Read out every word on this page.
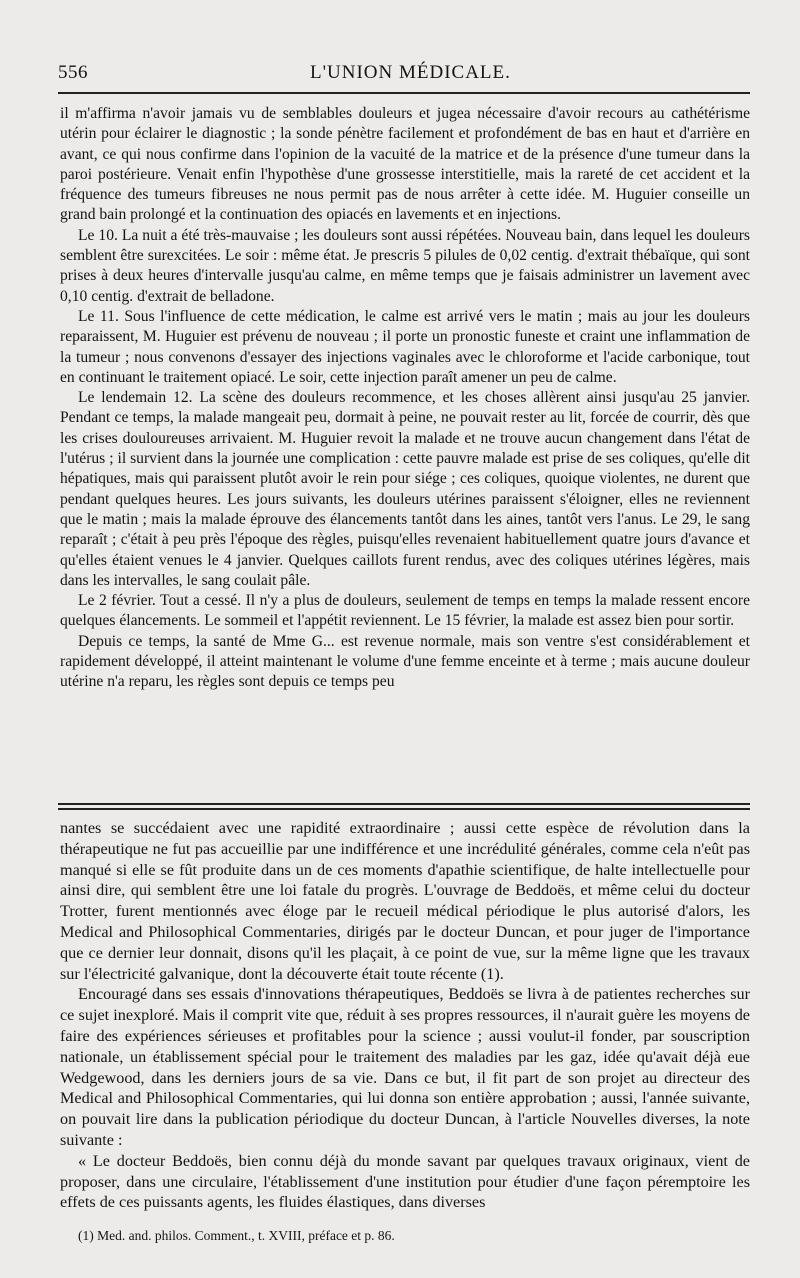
556	L'UNION MÉDICALE.

il m'affirma n'avoir jamais vu de semblables douleurs et jugea nécessaire d'avoir recours au cathétérisme utérin pour éclairer le diagnostic ; la sonde pénètre facilement et profondément de bas en haut et d'arrière en avant, ce qui nous confirme dans l'opinion de la vacuité de la matrice et de la présence d'une tumeur dans la paroi postérieure. Venait enfin l'hypothèse d'une grossesse interstitielle, mais la rareté de cet accident et la fréquence des tumeurs fibreuses ne nous permit pas de nous arrêter à cette idée. M. Huguier conseille un grand bain prolongé et la continuation des opiacés en lavements et en injections.

Le 10. La nuit a été très-mauvaise ; les douleurs sont aussi répétées. Nouveau bain, dans lequel les douleurs semblent être surexcitées. Le soir : même état. Je prescris 5 pilules de 0,02 centig. d'extrait thébaïque, qui sont prises à deux heures d'intervalle jusqu'au calme, en même temps que je faisais administrer un lavement avec 0,10 centig. d'extrait de belladone.

Le 11. Sous l'influence de cette médication, le calme est arrivé vers le matin ; mais au jour les douleurs reparaissent, M. Huguier est prévenu de nouveau ; il porte un pronostic funeste et craint une inflammation de la tumeur ; nous convenons d'essayer des injections vaginales avec le chloroforme et l'acide carbonique, tout en continuant le traitement opiacé. Le soir, cette injection paraît amener un peu de calme.

Le lendemain 12. La scène des douleurs recommence, et les choses allèrent ainsi jusqu'au 25 janvier. Pendant ce temps, la malade mangeait peu, dormait à peine, ne pouvait rester au lit, forcée de courrir, dès que les crises douloureuses arrivaient. M. Huguier revoit la malade et ne trouve aucun changement dans l'état de l'utérus ; il survient dans la journée une complication : cette pauvre malade est prise de ses coliques, qu'elle dit hépatiques, mais qui paraissent plutôt avoir le rein pour siége ; ces coliques, quoique violentes, ne durent que pendant quelques heures. Les jours suivants, les douleurs utérines paraissent s'éloigner, elles ne reviennent que le matin ; mais la malade éprouve des élancements tantôt dans les aines, tantôt vers l'anus. Le 29, le sang reparaît ; c'était à peu près l'époque des règles, puisqu'elles revenaient habituellement quatre jours d'avance et qu'elles étaient venues le 4 janvier. Quelques caillots furent rendus, avec des coliques utérines légères, mais dans les intervalles, le sang coulait pâle.

Le 2 février. Tout a cessé. Il n'y a plus de douleurs, seulement de temps en temps la malade ressent encore quelques élancements. Le sommeil et l'appétit reviennent. Le 15 février, la malade est assez bien pour sortir.

Depuis ce temps, la santé de Mme G... est revenue normale, mais son ventre s'est considérablement et rapidement développé, il atteint maintenant le volume d'une femme enceinte et à terme ; mais aucune douleur utérine n'a reparu, les règles sont depuis ce temps peu

nantes se succédaient avec une rapidité extraordinaire ; aussi cette espèce de révolution dans la thérapeutique ne fut pas accueillie par une indifférence et une incrédulité générales, comme cela n'eût pas manqué si elle se fût produite dans un de ces moments d'apathie scientifique, de halte intellectuelle pour ainsi dire, qui semblent être une loi fatale du progrès. L'ouvrage de Beddoës, et même celui du docteur Trotter, furent mentionnés avec éloge par le recueil médical périodique le plus autorisé d'alors, les Medical and Philosophical Commentaries, dirigés par le docteur Duncan, et pour juger de l'importance que ce dernier leur donnait, disons qu'il les plaçait, à ce point de vue, sur la même ligne que les travaux sur l'électricité galvanique, dont la découverte était toute récente (1).

Encouragé dans ses essais d'innovations thérapeutiques, Beddoës se livra à de patientes recherches sur ce sujet inexploré. Mais il comprit vite que, réduit à ses propres ressources, il n'aurait guère les moyens de faire des expériences sérieuses et profitables pour la science ; aussi voulut-il fonder, par souscription nationale, un établissement spécial pour le traitement des maladies par les gaz, idée qu'avait déjà eue Wedgewood, dans les derniers jours de sa vie. Dans ce but, il fit part de son projet au directeur des Medical and Philosophical Commentaries, qui lui donna son entière approbation ; aussi, l'année suivante, on pouvait lire dans la publication périodique du docteur Duncan, à l'article Nouvelles diverses, la note suivante :

« Le docteur Beddoës, bien connu déjà du monde savant par quelques travaux originaux, vient de proposer, dans une circulaire, l'établissement d'une institution pour étudier d'une façon péremptoire les effets de ces puissants agents, les fluides élastiques, dans diverses

(1) Med. and. philos. Comment., t. XVIII, préface et p. 86.
